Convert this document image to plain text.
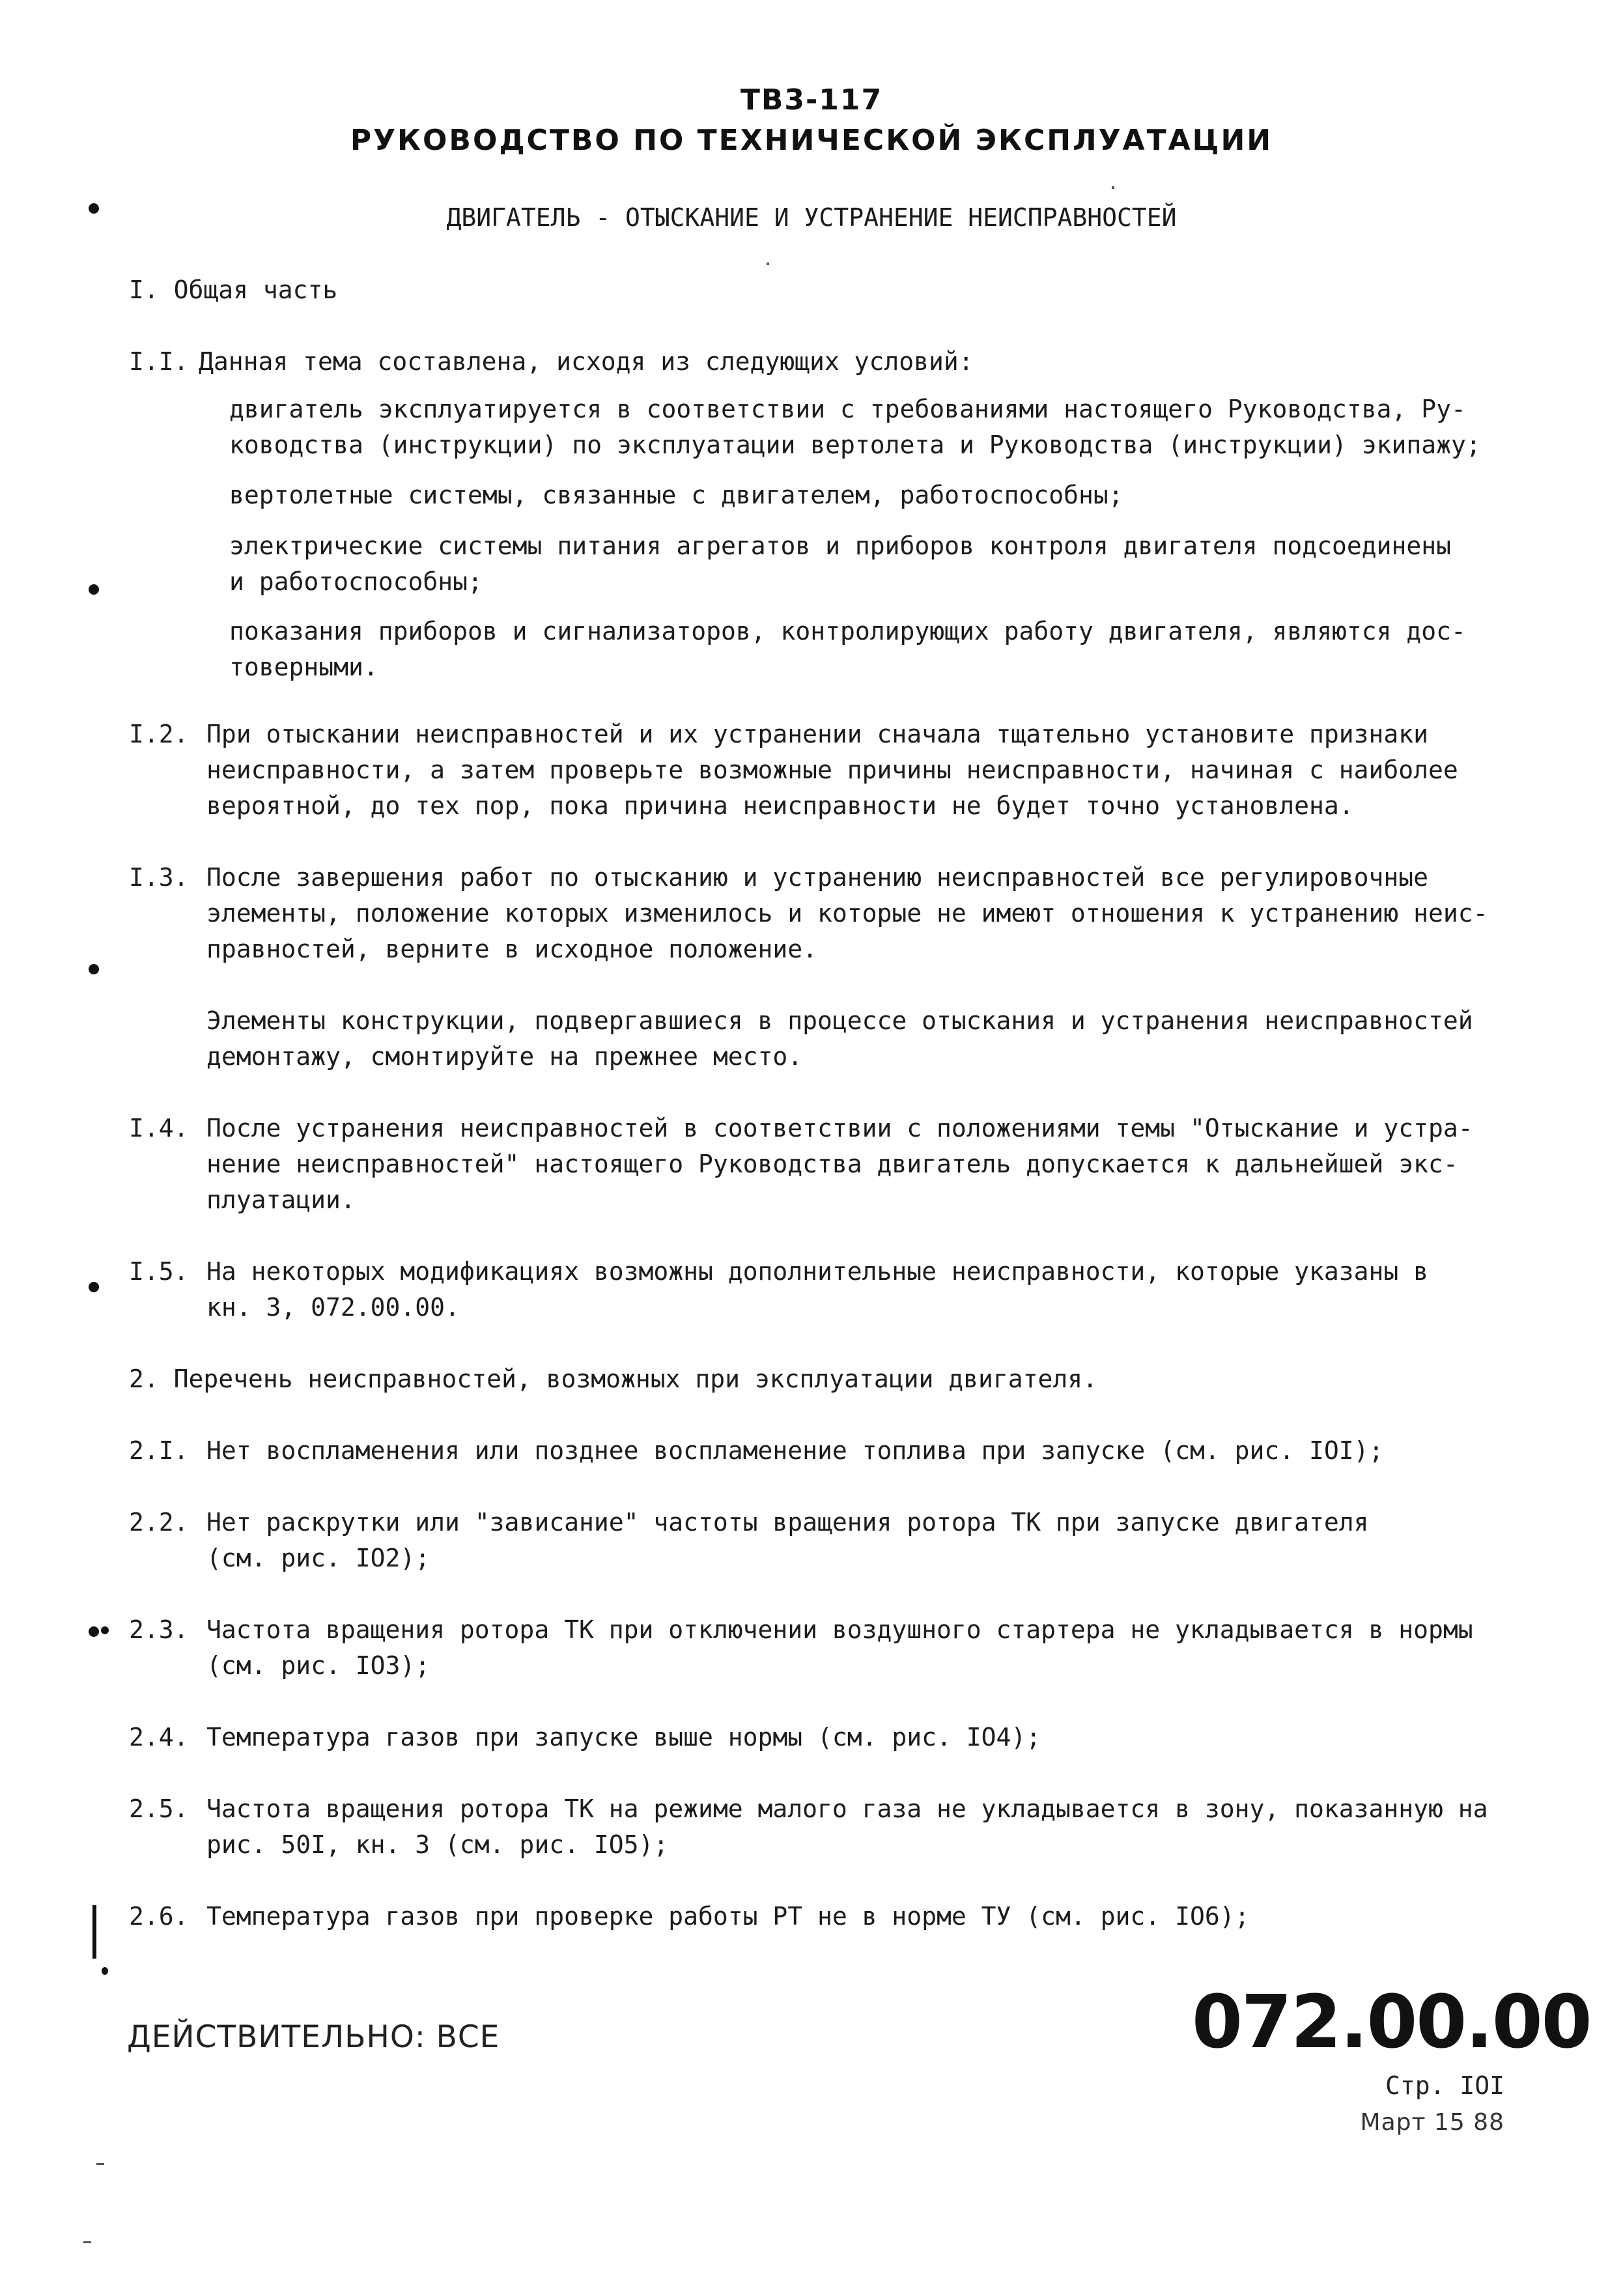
ТВ3-117
РУКОВОДСТВО ПО ТЕХНИЧЕСКОЙ ЭКСПЛУАТАЦИИ
ДВИГАТЕЛЬ - ОТЫСКАНИЕ И УСТРАНЕНИЕ НЕИСПРАВНОСТЕЙ
I. Общая часть
I.I. Данная тема составлена, исходя из следующих условий:
двигатель эксплуатируется в соответствии с требованиями настоящего Руководства, Ру-
ководства (инструкции) по эксплуатации вертолета и Руководства (инструкции) экипажу;
вертолетные системы, связанные с двигателем, работоспособны;
электрические системы питания агрегатов и приборов контроля двигателя подсоединены
и работоспособны;
показания приборов и сигнализаторов, контролирующих работу двигателя, являются дос-
товерными.
I.2. При отыскании неисправностей и их устранении сначала тщательно установите признаки
неисправности, а затем проверьте возможные причины неисправности, начиная с наиболее
вероятной, до тех пор, пока причина неисправности не будет точно установлена.
I.3. После завершения работ по отысканию и устранению неисправностей все регулировочные
элементы, положение которых изменилось и которые не имеют отношения к устранению неис-
правностей, верните в исходное положение.
Элементы конструкции, подвергавшиеся в процессе отыскания и устранения неисправностей
демонтажу, смонтируйте на прежнее место.
I.4. После устранения неисправностей в соответствии с положениями темы "Отыскание и устра-
нение неисправностей" настоящего Руководства двигатель допускается к дальнейшей экс-
плуатации.
I.5. На некоторых модификациях возможны дополнительные неисправности, которые указаны в
кн. 3, 072.00.00.
2. Перечень неисправностей, возможных при эксплуатации двигателя.
2.I. Нет воспламенения или позднее воспламенение топлива при запуске (см. рис. IOI);
2.2. Нет раскрутки или "зависание" частоты вращения ротора ТК при запуске двигателя
(см. рис. IO2);
2.3. Частота вращения ротора ТК при отключении воздушного стартера не укладывается в нормы
(см. рис. IO3);
2.4. Температура газов при запуске выше нормы (см. рис. IO4);
2.5. Частота вращения ротора ТК на режиме малого газа не укладывается в зону, показанную на
рис. 50I, кн. 3 (см. рис. IO5);
2.6. Температура газов при проверке работы РТ не в норме ТУ (см. рис. IO6);
ДЕЙСТВИТЕЛЬНО: ВСЕ	072.00.00
Стр. IOI
Март 15 88
